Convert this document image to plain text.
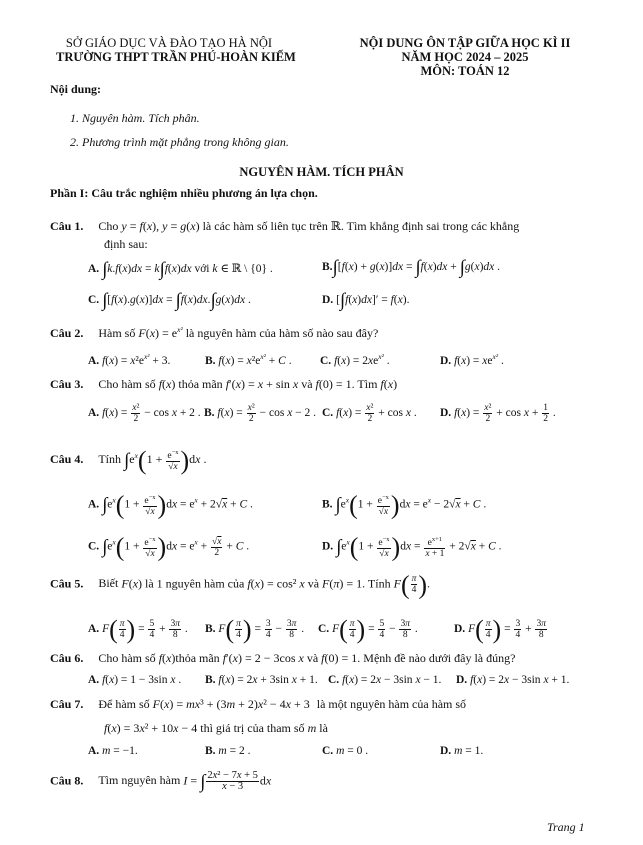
SỞ GIÁO DỤC VÀ ĐÀO TẠO HÀ NỘI
TRƯỜNG THPT TRẦN PHÚ-HOÀN KIẾM
NỘI DUNG ÔN TẬP GIỮA HỌC KÌ II
NĂM HỌC 2024 – 2025
MÔN: TOÁN 12
Nội dung:
1. Nguyên hàm. Tích phân.
2. Phương trình mặt phẳng trong không gian.
NGUYÊN HÀM. TÍCH PHÂN
Phần I: Câu trắc nghiệm nhiều phương án lựa chọn.
Câu 1. Cho y = f(x), y = g(x) là các hàm số liên tục trên ℝ. Tìm khẳng định sai trong các khẳng
định sau:
A. ∫k.f(x)dx = k∫f(x)dx với k ∈ ℝ \ {0} .	B.∫[f(x) + g(x)]dx = ∫f(x)dx + ∫g(x)dx .
C. ∫[f(x).g(x)]dx = ∫f(x)dx.∫g(x)dx .	D. [∫f(x)dx]′ = f(x).
Câu 2. Hàm số $F(x) = e^{x^2}$ là nguyên hàm của hàm số nào sau đây?
A. $f(x) = x^2e^{x^2} + 3$.	B. $f(x) = x^2e^{x^2} + C$ . C. $f(x) = 2xe^{x^2}$ .	D. $f(x) = xe^{x^2}$ .
Câu 3. Cho hàm số f(x) thỏa mãn f′(x) = x + sin x và f(0) = 1. Tìm f(x)
A. $f(x) = \frac{\text{x²}}{2} - \cos x + 2$ . B. $f(x) = \frac{\text{x²}}{2} - \cos x - 2$ . C. $f(x) = \frac{\text{x²}}{2} + \cos x$ . D. $f(x) = \frac{\text{x²}}{2} + \cos x + \frac{1}{2}$ .
Câu 4. Tính $\int e^x(1 + \frac{e^{-x}}{√x} )dx$ .
A. $\int e^x(1 + \frac{e^{-x}}{√x} )dx = e^x + 2√x + C$ .	B. $\int e^x(1 + \frac{e^{-x}}{√x} )dx = e^x - 2√x + C$ .
C. $\int e^x(1 + \frac{e^{-x}}{√x} )dx = e^x + \frac{√x}{2} + C$ .	D. $\int e^x(1 + \frac{e^{-x}}{√x} )dx = \frac{e^{x+1}}{x + 1} + 2√x + C$ .
Câu 5. Biết F(x) là 1 nguyên hàm của f(x) = cos² x và F(π) = 1. Tính $F( \frac{\pi}{4}$ ).
A. $F( \frac{\pi}{4}$ ) = $\frac{5}{4} + \frac{3\pi}{8}$ . B. $F( \frac{\pi}{4}$ ) = $\frac{3}{4} - \frac{3\pi}{8}$ . C. $F( \frac{\pi}{4}$ ) = $\frac{5}{4} - \frac{3\pi}{8}$ .	D. $F( \frac{\pi}{4}$ ) = $\frac{3}{4} + \frac{3\pi}{8}$
Câu 6. Cho hàm số f(x)thỏa mãn f′(x) = 2 − 3cos x và f(0) = 1. Mệnh đề nào dưới đây là đúng?
A. f(x) = 1 − 3sin x . B. f(x) = 2x + 3sin x + 1. C. f(x) = 2x − 3sin x − 1. D. f(x) = 2x − 3sin x + 1.
Câu 7. Để hàm số F(x) = mx³ + (3m + 2)x² − 4x + 3 là một nguyên hàm của hàm số
f(x) = 3x² + 10x − 4 thì giá trị của tham số m là
A. m = −1.	B. m = 2 .	C. m = 0 .	D. m = 1.
Câu 8. Tìm nguyên hàm I = ∫ $\frac{\text{2x² − 7x + 5}}{x - 3}$ dx
Trang 1
